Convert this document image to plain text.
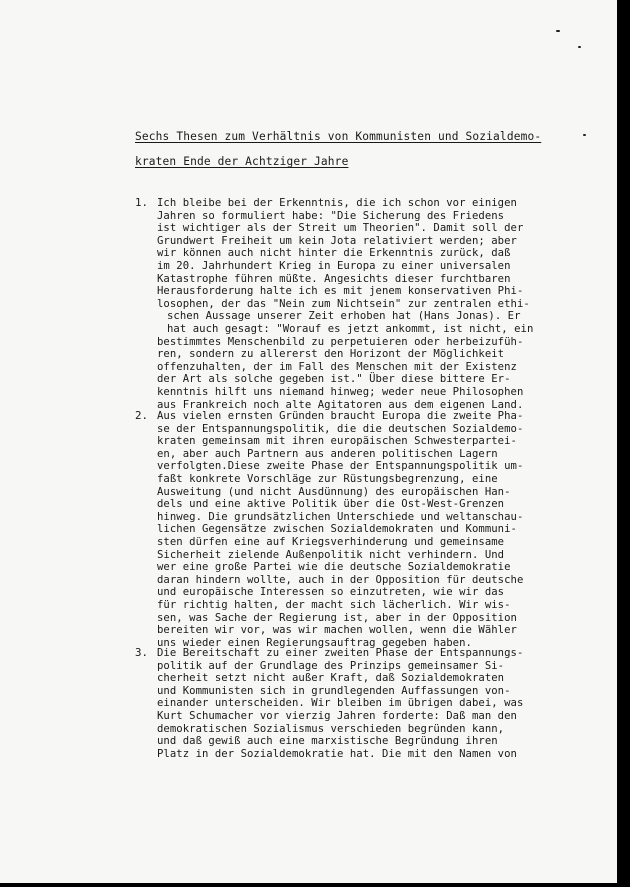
Sechs Thesen zum Verhältnis von Kommunisten und Sozialdemo-
kraten Ende der Achtziger Jahre
1. Ich bleibe bei der Erkenntnis, die ich schon vor einigen
Jahren so formuliert habe: "Die Sicherung des Friedens
ist wichtiger als der Streit um Theorien". Damit soll der
Grundwert Freiheit um kein Jota relativiert werden; aber
wir können auch nicht hinter die Erkenntnis zurück, daß
im 20. Jahrhundert Krieg in Europa zu einer universalen
Katastrophe führen müßte. Angesichts dieser furchtbaren
Herausforderung halte ich es mit jenem konservativen Phi-
losophen, der das "Nein zum Nichtsein" zur zentralen ethi-
schen Aussage unserer Zeit erhoben hat (Hans Jonas). Er
hat auch gesagt: "Worauf es jetzt ankommt, ist nicht, ein
bestimmtes Menschenbild zu perpetuieren oder herbeizufüh-
ren, sondern zu allererst den Horizont der Möglichkeit
offenzuhalten, der im Fall des Menschen mit der Existenz
der Art als solche gegeben ist." Über diese bittere Er-
kenntnis hilft uns niemand hinweg; weder neue Philosophen
aus Frankreich noch alte Agitatoren aus dem eigenen Land.
2. Aus vielen ernsten Gründen braucht Europa die zweite Pha-
se der Entspannungspolitik, die die deutschen Sozialdemo-
kraten gemeinsam mit ihren europäischen Schwesterpartei-
en, aber auch Partnern aus anderen politischen Lagern
verfolgten.Diese zweite Phase der Entspannungspolitik um-
faßt konkrete Vorschläge zur Rüstungsbegrenzung, eine
Ausweitung (und nicht Ausdünnung) des europäischen Han-
dels und eine aktive Politik über die Ost-West-Grenzen
hinweg. Die grundsätzlichen Unterschiede und weltanschau-
lichen Gegensätze zwischen Sozialdemokraten und Kommuni-
sten dürfen eine auf Kriegsverhinderung und gemeinsame
Sicherheit zielende Außenpolitik nicht verhindern. Und
wer eine große Partei wie die deutsche Sozialdemokratie
daran hindern wollte, auch in der Opposition für deutsche
und europäische Interessen so einzutreten, wie wir das
für richtig halten, der macht sich lächerlich. Wir wis-
sen, was Sache der Regierung ist, aber in der Opposition
bereiten wir vor, was wir machen wollen, wenn die Wähler
uns wieder einen Regierungsauftrag gegeben haben.
3. Die Bereitschaft zu einer zweiten Phase der Entspannungs-
politik auf der Grundlage des Prinzips gemeinsamer Si-
cherheit setzt nicht außer Kraft, daß Sozialdemokraten
und Kommunisten sich in grundlegenden Auffassungen von-
einander unterscheiden. Wir bleiben im übrigen dabei, was
Kurt Schumacher vor vierzig Jahren forderte: Daß man den
demokratischen Sozialismus verschieden begründen kann,
und daß gewiß auch eine marxistische Begründung ihren
Platz in der Sozialdemokratie hat. Die mit den Namen von
